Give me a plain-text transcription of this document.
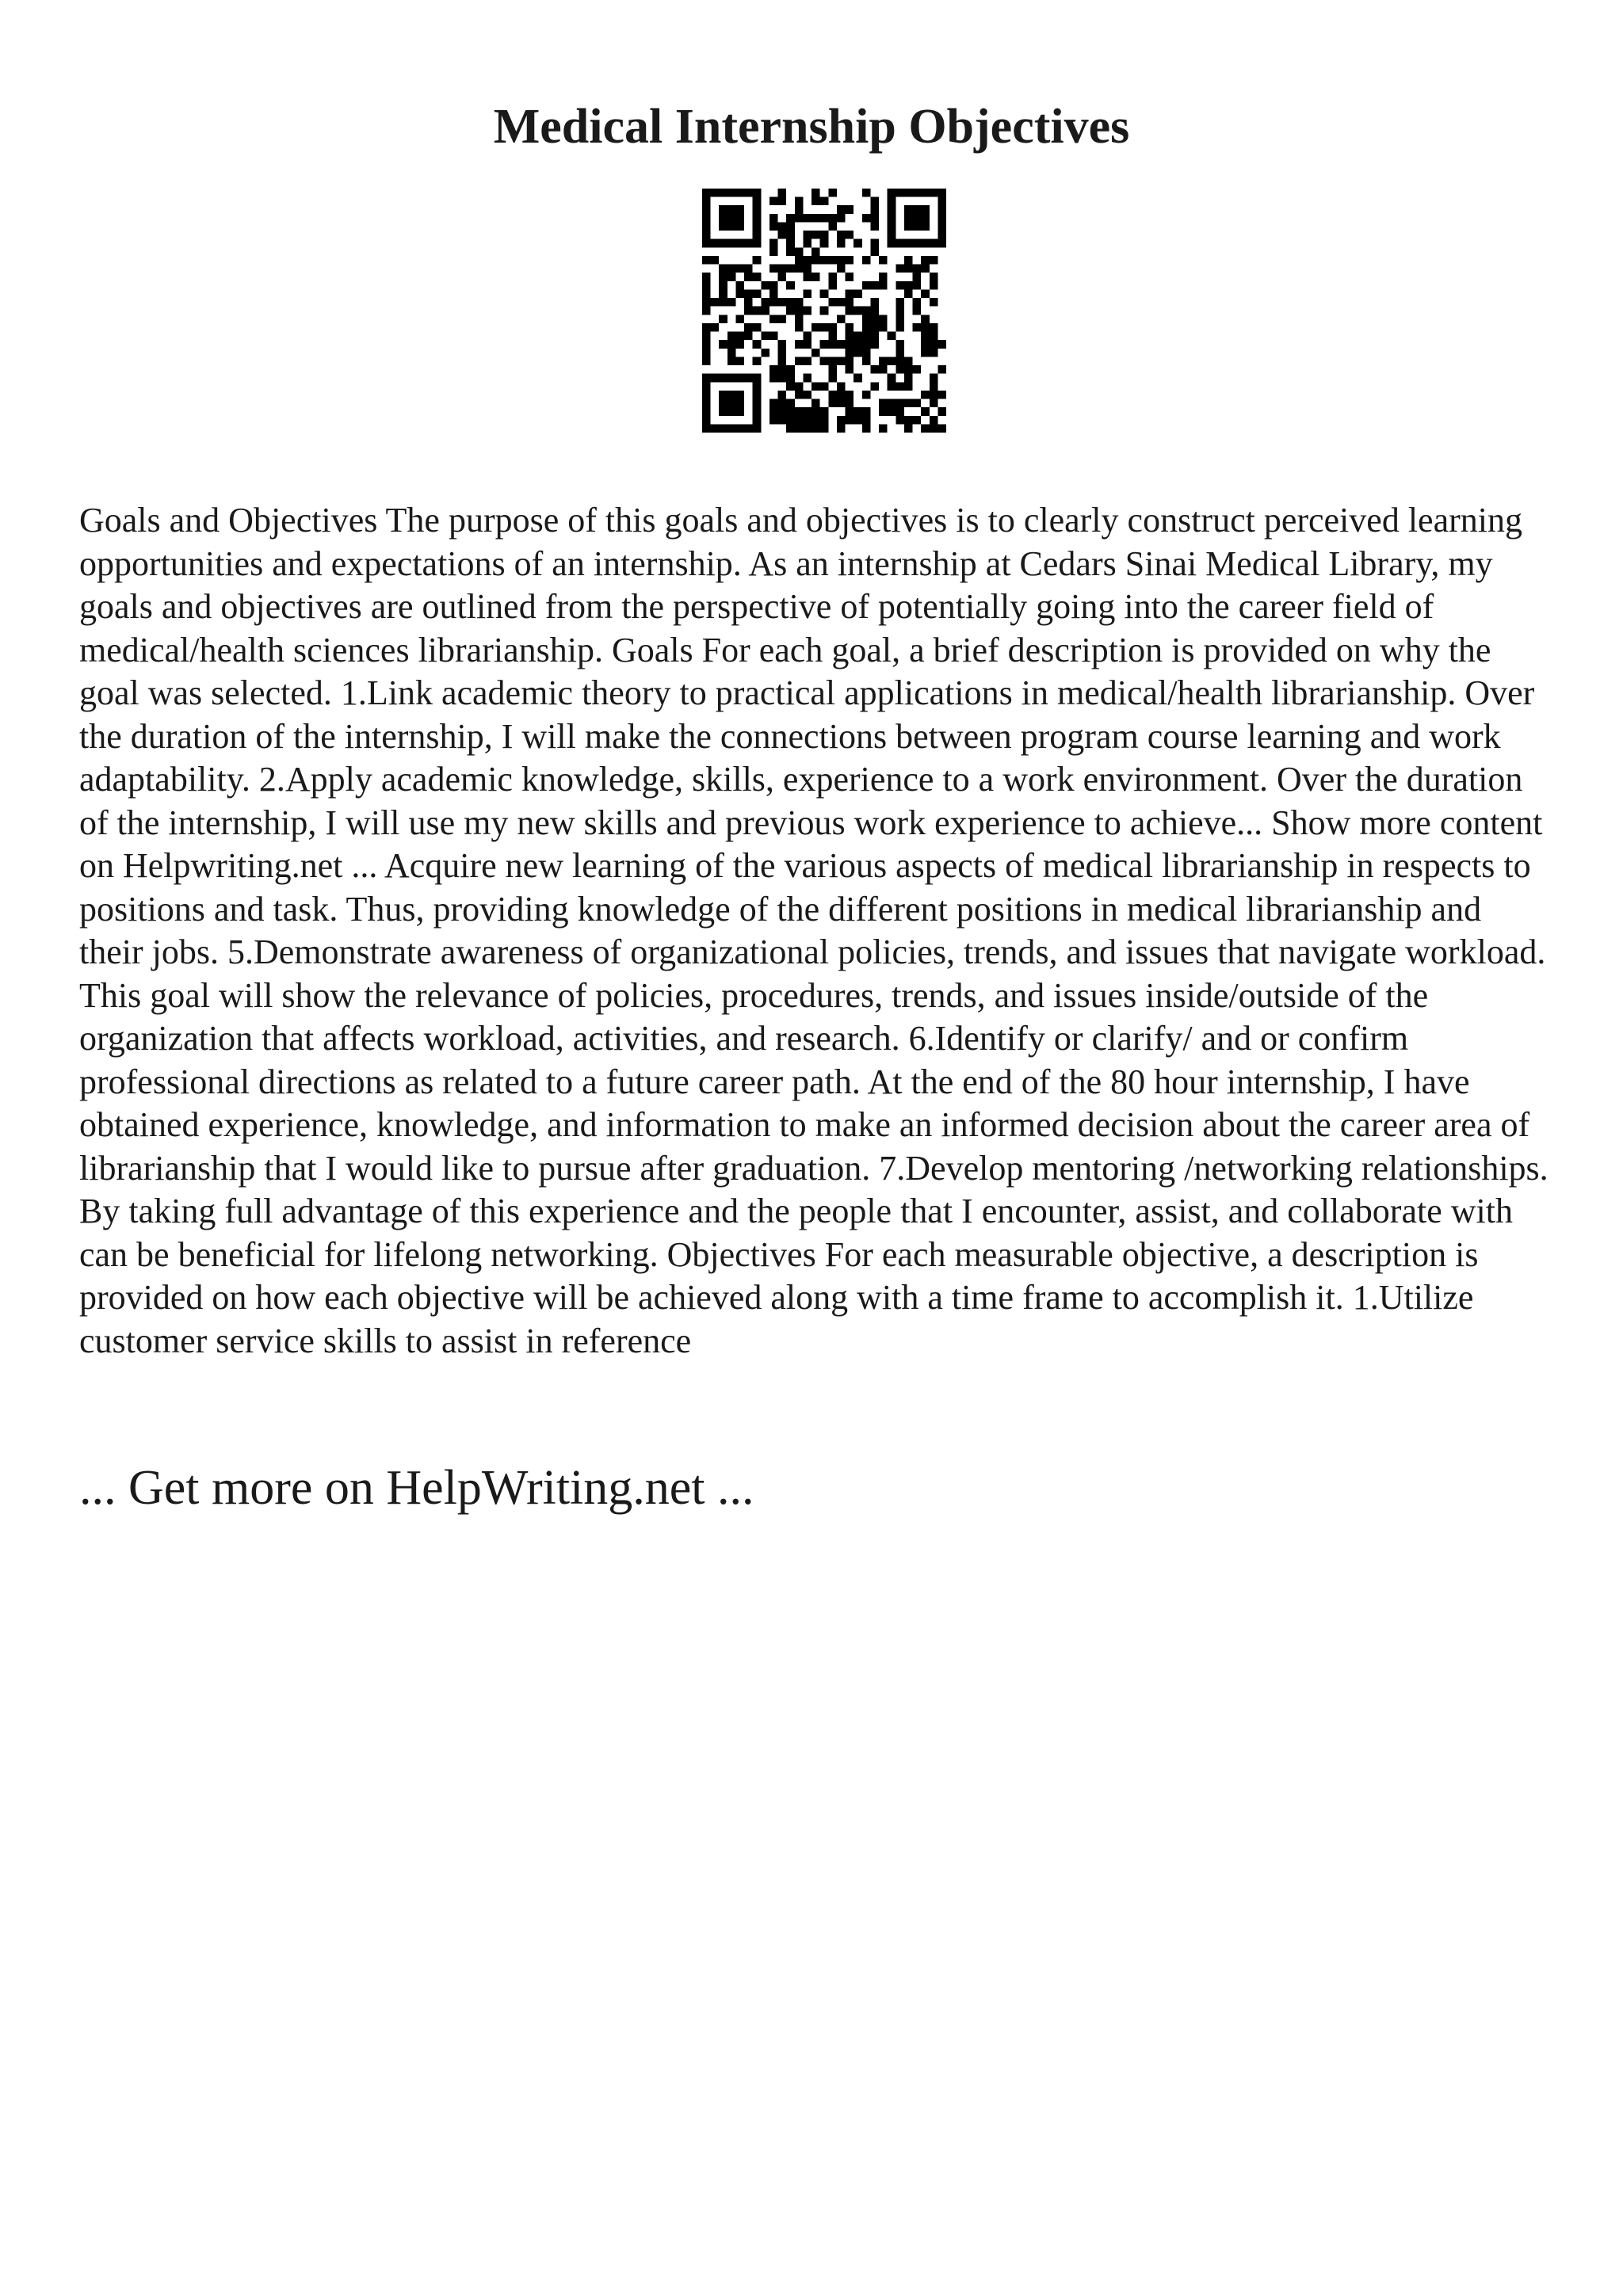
Medical Internship Objectives

Goals and Objectives The purpose of this goals and objectives is to clearly construct perceived learning opportunities and expectations of an internship. As an internship at Cedars Sinai Medical Library, my goals and objectives are outlined from the perspective of potentially going into the career field of medical/health sciences librarianship. Goals For each goal, a brief description is provided on why the goal was selected. 1.Link academic theory to practical applications in medical/health librarianship. Over the duration of the internship, I will make the connections between program course learning and work adaptability. 2.Apply academic knowledge, skills, experience to a work environment. Over the duration of the internship, I will use my new skills and previous work experience to achieve... Show more content on Helpwriting.net ... Acquire new learning of the various aspects of medical librarianship in respects to positions and task. Thus, providing knowledge of the different positions in medical librarianship and their jobs. 5.Demonstrate awareness of organizational policies, trends, and issues that navigate workload. This goal will show the relevance of policies, procedures, trends, and issues inside/outside of the organization that affects workload, activities, and research. 6.Identify or clarify/ and or confirm professional directions as related to a future career path. At the end of the 80 hour internship, I have obtained experience, knowledge, and information to make an informed decision about the career area of librarianship that I would like to pursue after graduation. 7.Develop mentoring /networking relationships. By taking full advantage of this experience and the people that I encounter, assist, and collaborate with can be beneficial for lifelong networking. Objectives For each measurable objective, a description is provided on how each objective will be achieved along with a time frame to accomplish it. 1.Utilize customer service skills to assist in reference

... Get more on HelpWriting.net ...
